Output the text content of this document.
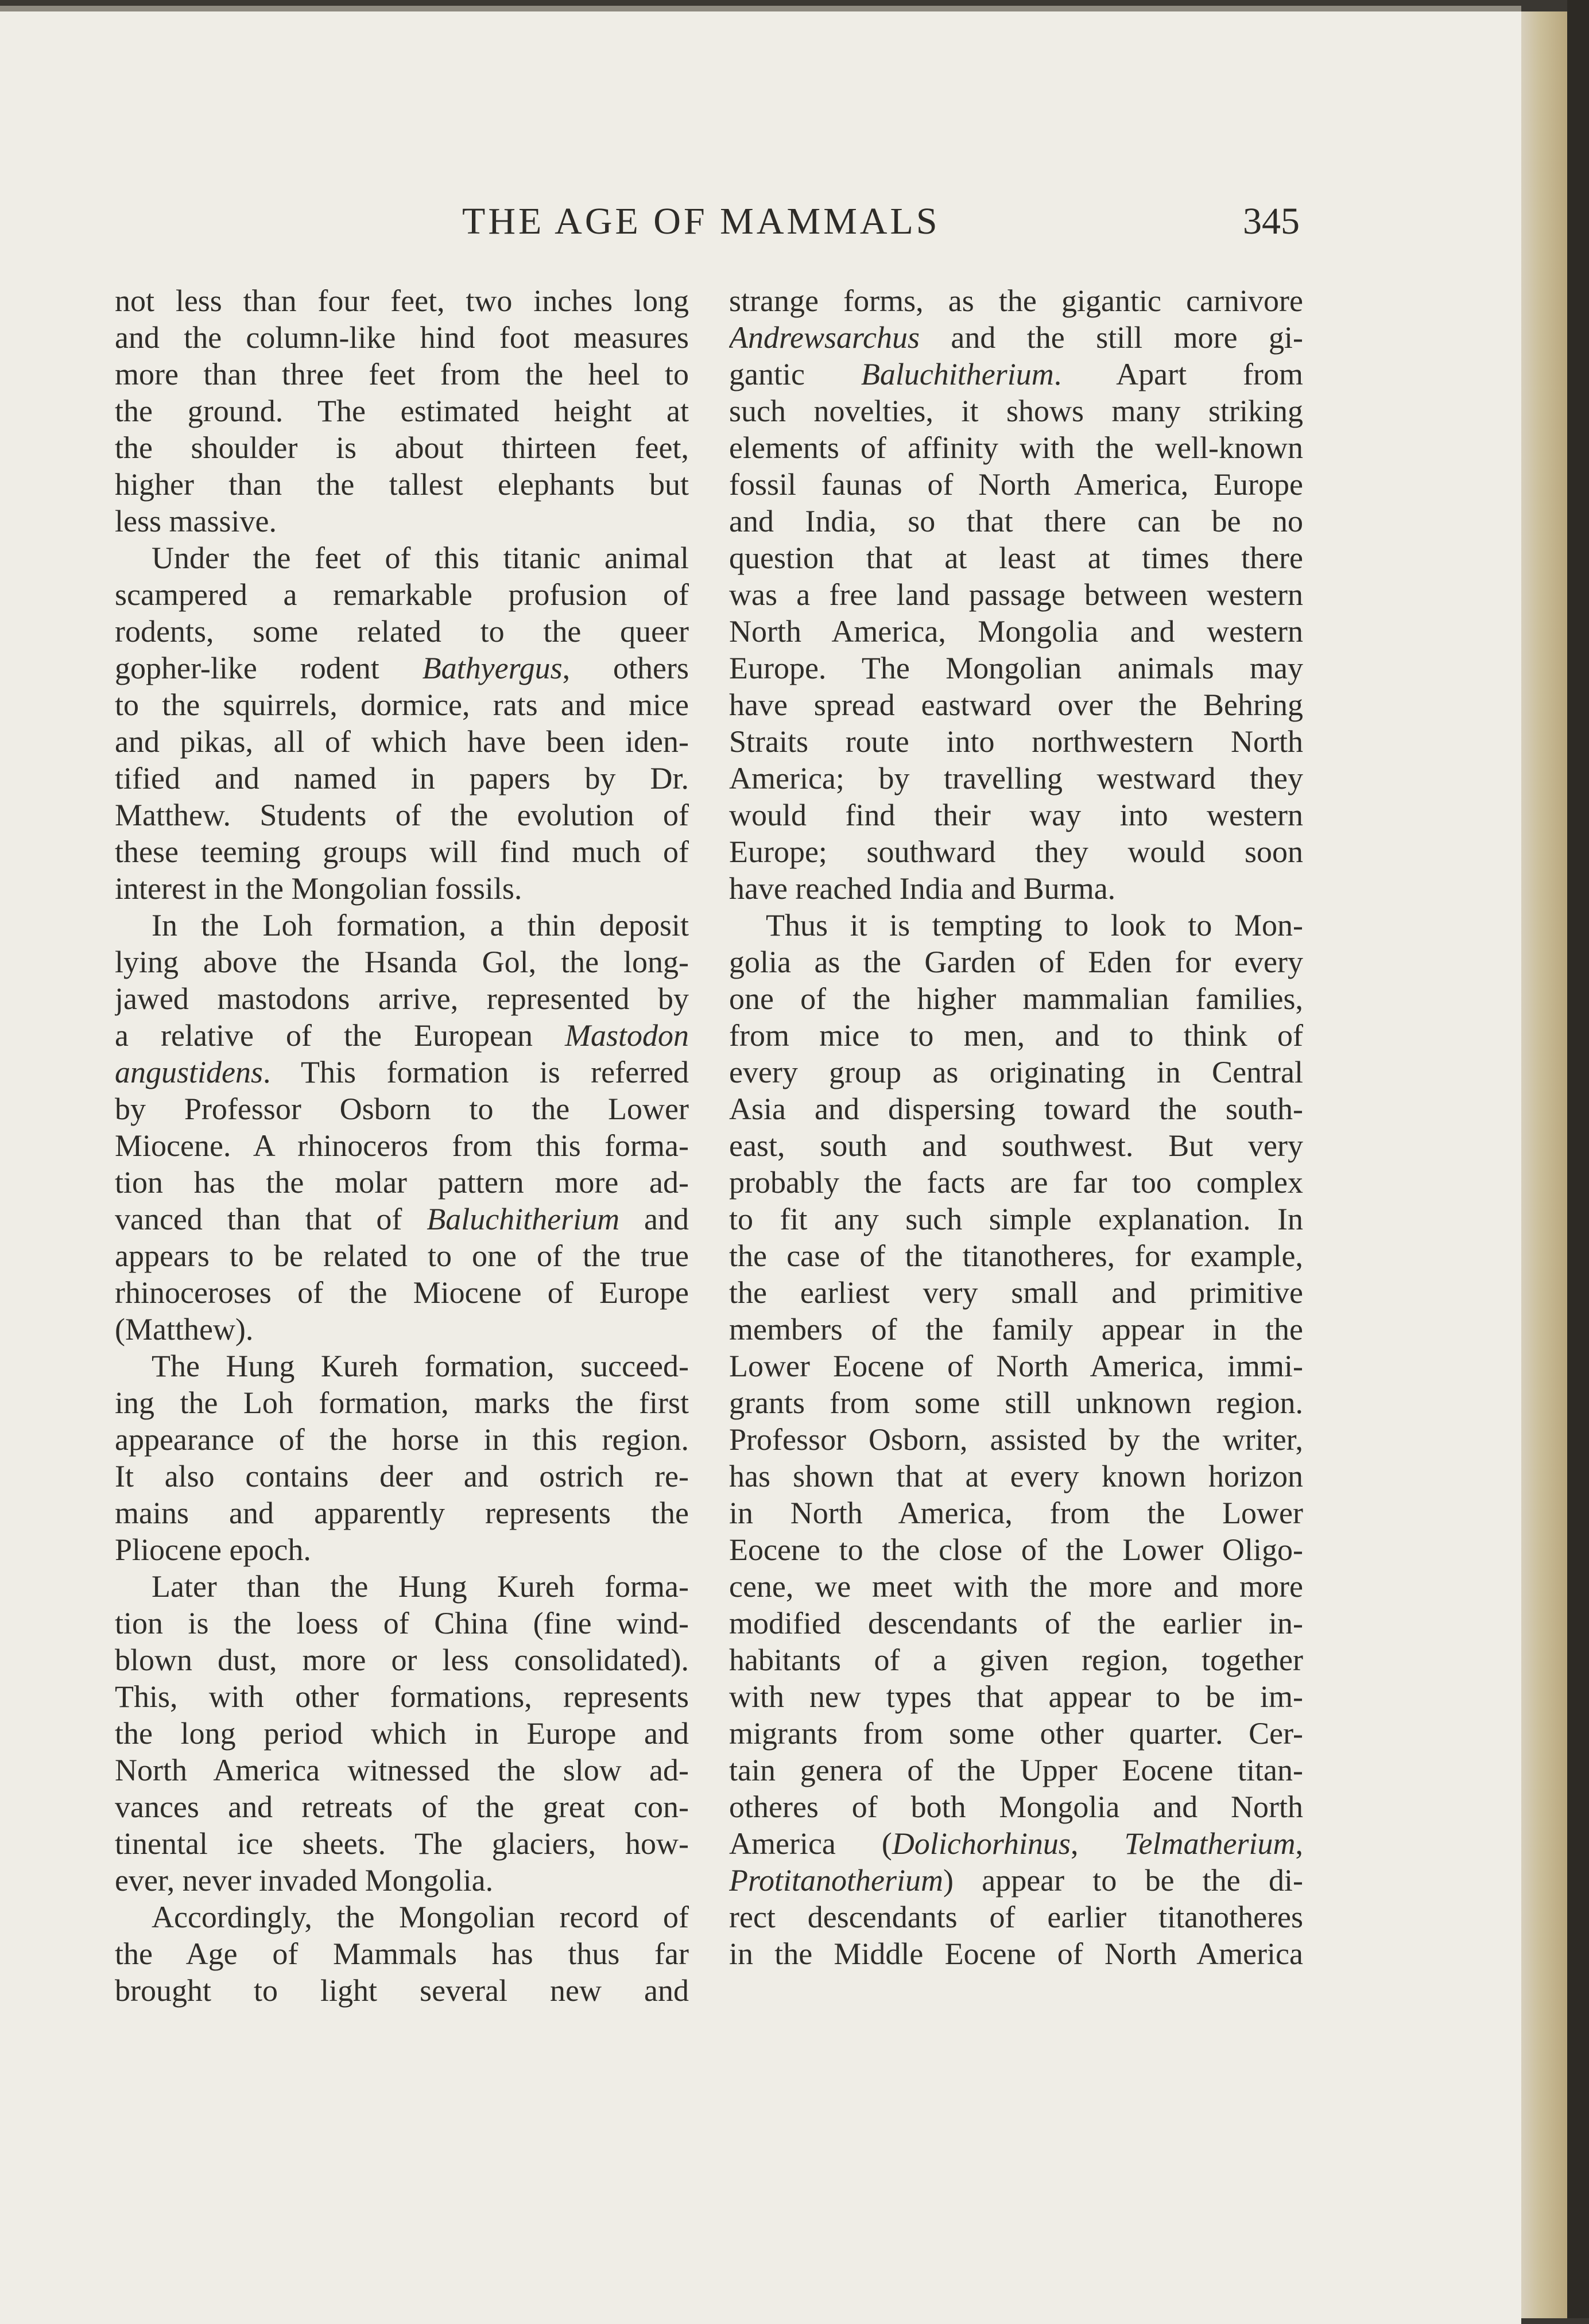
THE AGE OF MAMMALS	345
not less than four feet, two inches long
and the column-like hind foot measures
more than three feet from the heel to
the ground. The estimated height at
the shoulder is about thirteen feet,
higher than the tallest elephants but
less massive.
Under the feet of this titanic animal
scampered a remarkable profusion of
rodents, some related to the queer
gopher-like rodent Bathyergus, others
to the squirrels, dormice, rats and mice
and pikas, all of which have been iden-
tified and named in papers by Dr.
Matthew. Students of the evolution of
these teeming groups will find much of
interest in the Mongolian fossils.
In the Loh formation, a thin deposit
lying above the Hsanda Gol, the long-
jawed mastodons arrive, represented by
a relative of the European Mastodon
angustidens. This formation is referred
by Professor Osborn to the Lower
Miocene. A rhinoceros from this forma-
tion has the molar pattern more ad-
vanced than that of Baluchitherium and
appears to be related to one of the true
rhinoceroses of the Miocene of Europe
(Matthew).
The Hung Kureh formation, succeed-
ing the Loh formation, marks the first
appearance of the horse in this region.
It also contains deer and ostrich re-
mains and apparently represents the
Pliocene epoch.
Later than the Hung Kureh forma-
tion is the loess of China (fine wind-
blown dust, more or less consolidated).
This, with other formations, represents
the long period which in Europe and
North America witnessed the slow ad-
vances and retreats of the great con-
tinental ice sheets. The glaciers, how-
ever, never invaded Mongolia.
Accordingly, the Mongolian record of
the Age of Mammals has thus far
brought to light several new and
strange forms, as the gigantic carnivore
Andrewsarchus and the still more gi-
gantic Baluchitherium. Apart from
such novelties, it shows many striking
elements of affinity with the well-known
fossil faunas of North America, Europe
and India, so that there can be no
question that at least at times there
was a free land passage between western
North America, Mongolia and western
Europe. The Mongolian animals may
have spread eastward over the Behring
Straits route into northwestern North
America; by travelling westward they
would find their way into western
Europe; southward they would soon
have reached India and Burma.
Thus it is tempting to look to Mon-
golia as the Garden of Eden for every
one of the higher mammalian families,
from mice to men, and to think of
every group as originating in Central
Asia and dispersing toward the south-
east, south and southwest. But very
probably the facts are far too complex
to fit any such simple explanation. In
the case of the titanotheres, for example,
the earliest very small and primitive
members of the family appear in the
Lower Eocene of North America, immi-
grants from some still unknown region.
Professor Osborn, assisted by the writer,
has shown that at every known horizon
in North America, from the Lower
Eocene to the close of the Lower Oligo-
cene, we meet with the more and more
modified descendants of the earlier in-
habitants of a given region, together
with new types that appear to be im-
migrants from some other quarter. Cer-
tain genera of the Upper Eocene titan-
otheres of both Mongolia and North
America (Dolichorhinus, Telmatherium,
Protitanotherium) appear to be the di-
rect descendants of earlier titanotheres
in the Middle Eocene of North America
